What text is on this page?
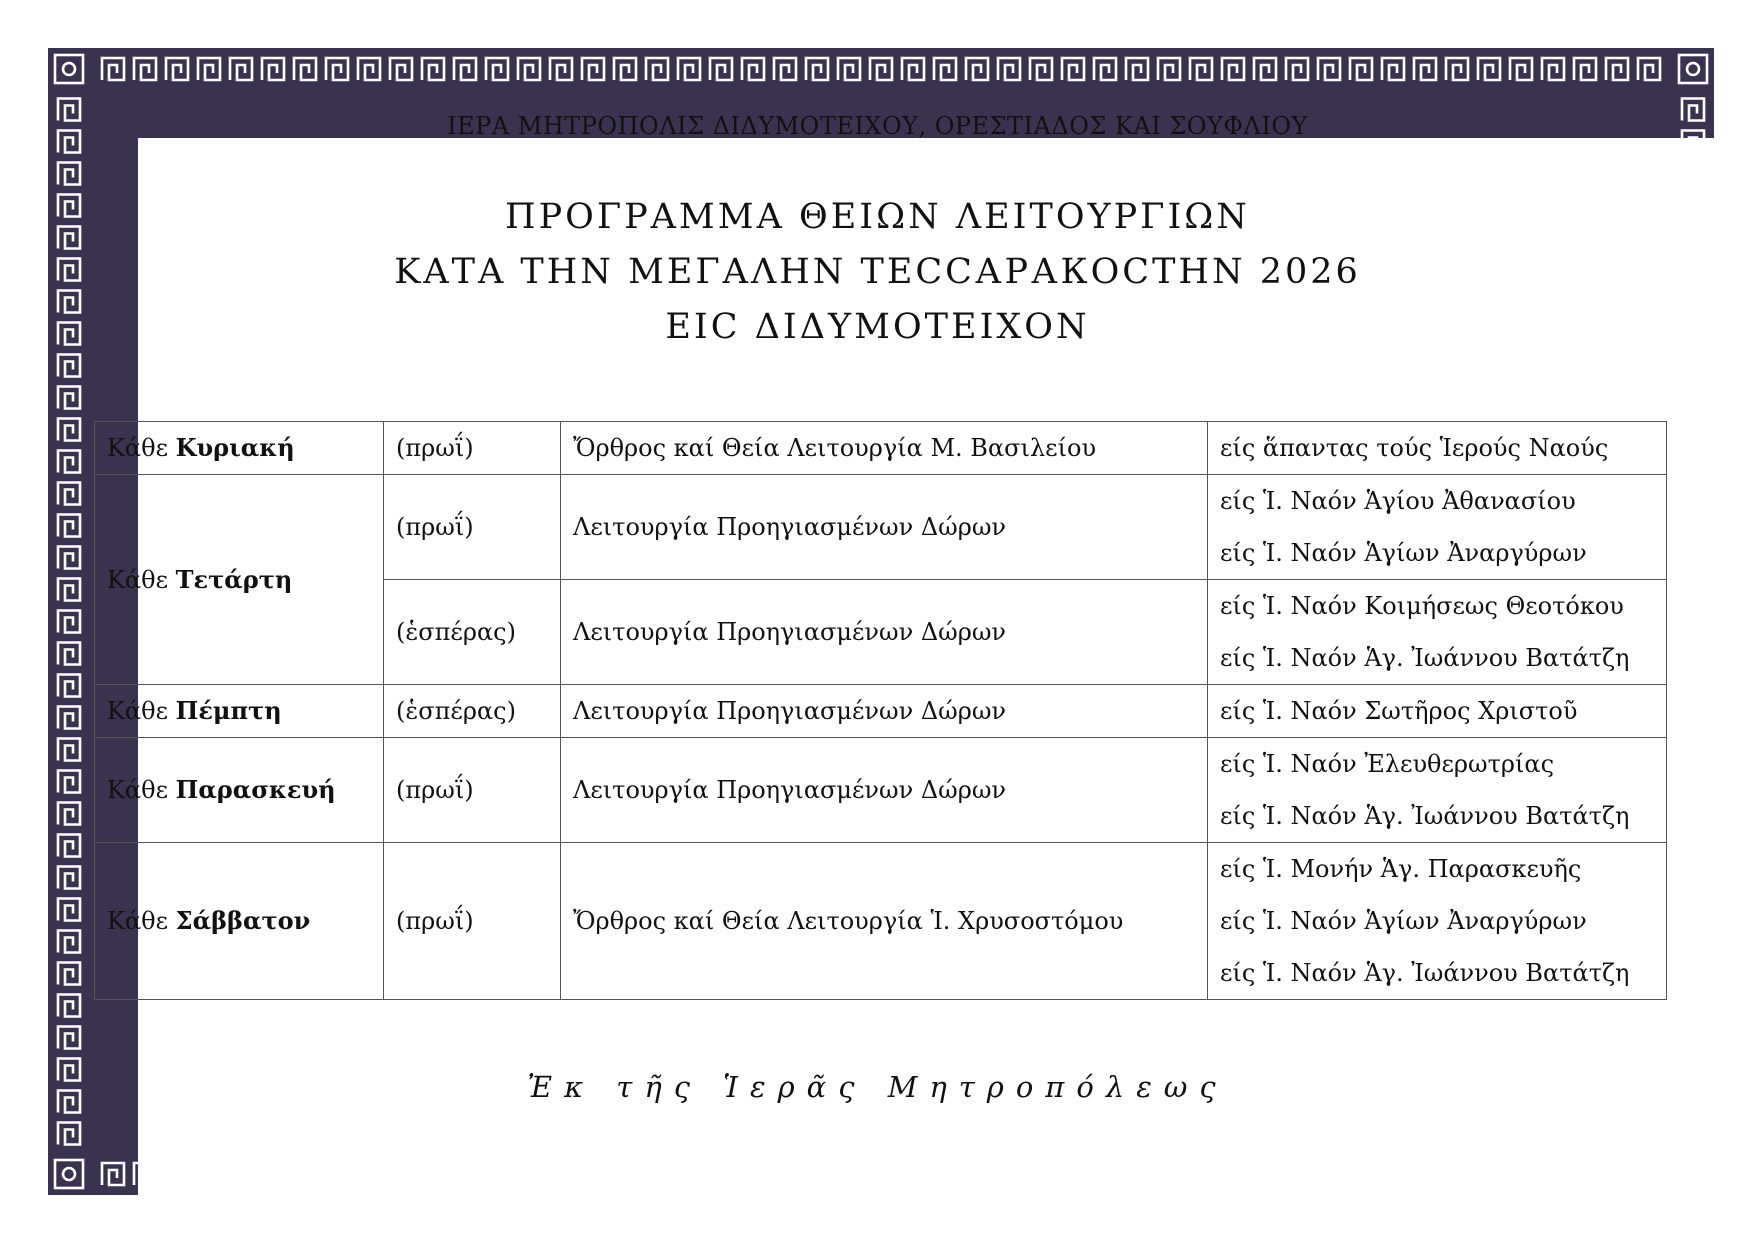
ΙΕΡΑ ΜΗΤΡΟΠΟΛΙΣ ΔΙΔΥΜΟΤΕΙΧΟΥ, ΟΡΕΣΤΙΑΔΟΣ ΚΑΙ ΣΟΥΦΛΙΟΥ
ΠΡΟΓΡΑΜΜΑ ΘΕΙΩΝ ΛΕΙΤΟΥΡΓΙΩΝ
ΚΑΤΑ ΤΗΝ ΜΕΓΑΛΗΝ ΤΕССАРАКОСТНΝ 2026
ΕΙС ΔΙΔΥΜΟΤΕΙΧΟΝ
Κάθε Κυριακή	(πρωΐ)	Ὄρθρος καί Θεία Λειτουργία Μ. Βασιλείου	είς ἅπαντας τούς Ἱερούς Ναούς

Κάθε Τετάρτη	(πρωΐ)	Λειτουργία Προηγιασμένων Δώρων	είς Ἱ. Ναόν Ἁγίου Ἀθανασίου
είς Ἱ. Ναόν Ἁγίων Ἀναργύρων

	(ἑσπέρας)	Λειτουργία Προηγιασμένων Δώρων	είς Ἱ. Ναόν Κοιμήσεως Θεοτόκου
είς Ἱ. Ναόν Ἁγ. Ἰωάννου Βατάτζη

Κάθε Πέμπτη	(ἑσπέρας)	Λειτουργία Προηγιασμένων Δώρων	είς Ἱ. Ναόν Σωτῆρος Χριστοῦ

Κάθε Παρασκευή	(πρωΐ)	Λειτουργία Προηγιασμένων Δώρων	είς Ἱ. Ναόν Ἐλευθερωτρίας
είς Ἱ. Ναόν Ἁγ. Ἰωάννου Βατάτζη

Κάθε Σάββατον	(πρωΐ)	Ὄρθρος καί Θεία Λειτουργία Ἱ. Χρυσοστόμου	είς Ἱ. Μονήν Ἁγ. Παρασκευῆς
είς Ἱ. Ναόν Ἁγίων Ἀναργύρων
είς Ἱ. Ναόν Ἁγ. Ἰωάννου Βατάτζη
Ἐκ τῆς Ἱερᾶς Μητροπόλεως
